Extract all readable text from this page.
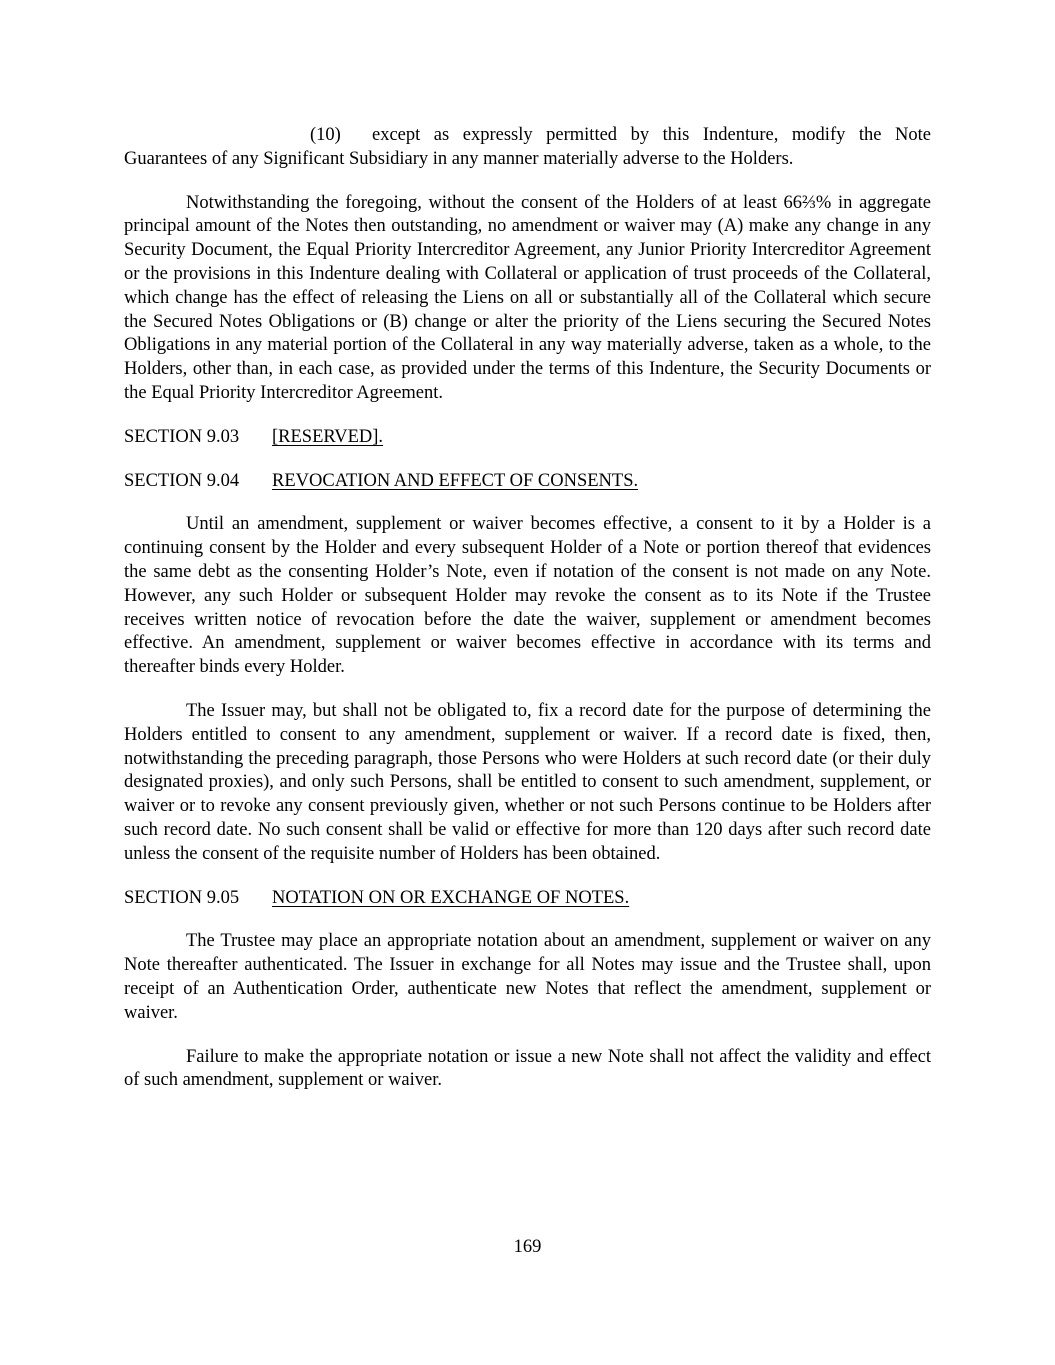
(10) except as expressly permitted by this Indenture, modify the Note Guarantees of any Significant Subsidiary in any manner materially adverse to the Holders.

Notwithstanding the foregoing, without the consent of the Holders of at least 66⅔% in aggregate principal amount of the Notes then outstanding, no amendment or waiver may (A) make any change in any Security Document, the Equal Priority Intercreditor Agreement, any Junior Priority Intercreditor Agreement or the provisions in this Indenture dealing with Collateral or application of trust proceeds of the Collateral, which change has the effect of releasing the Liens on all or substantially all of the Collateral which secure the Secured Notes Obligations or (B) change or alter the priority of the Liens securing the Secured Notes Obligations in any material portion of the Collateral in any way materially adverse, taken as a whole, to the Holders, other than, in each case, as provided under the terms of this Indenture, the Security Documents or the Equal Priority Intercreditor Agreement.

SECTION 9.03 [RESERVED].

SECTION 9.04 REVOCATION AND EFFECT OF CONSENTS.

Until an amendment, supplement or waiver becomes effective, a consent to it by a Holder is a continuing consent by the Holder and every subsequent Holder of a Note or portion thereof that evidences the same debt as the consenting Holder’s Note, even if notation of the consent is not made on any Note. However, any such Holder or subsequent Holder may revoke the consent as to its Note if the Trustee receives written notice of revocation before the date the waiver, supplement or amendment becomes effective. An amendment, supplement or waiver becomes effective in accordance with its terms and thereafter binds every Holder.

The Issuer may, but shall not be obligated to, fix a record date for the purpose of determining the Holders entitled to consent to any amendment, supplement or waiver. If a record date is fixed, then, notwithstanding the preceding paragraph, those Persons who were Holders at such record date (or their duly designated proxies), and only such Persons, shall be entitled to consent to such amendment, supplement, or waiver or to revoke any consent previously given, whether or not such Persons continue to be Holders after such record date. No such consent shall be valid or effective for more than 120 days after such record date unless the consent of the requisite number of Holders has been obtained.

SECTION 9.05 NOTATION ON OR EXCHANGE OF NOTES.

The Trustee may place an appropriate notation about an amendment, supplement or waiver on any Note thereafter authenticated. The Issuer in exchange for all Notes may issue and the Trustee shall, upon receipt of an Authentication Order, authenticate new Notes that reflect the amendment, supplement or waiver.

Failure to make the appropriate notation or issue a new Note shall not affect the validity and effect of such amendment, supplement or waiver.

169
